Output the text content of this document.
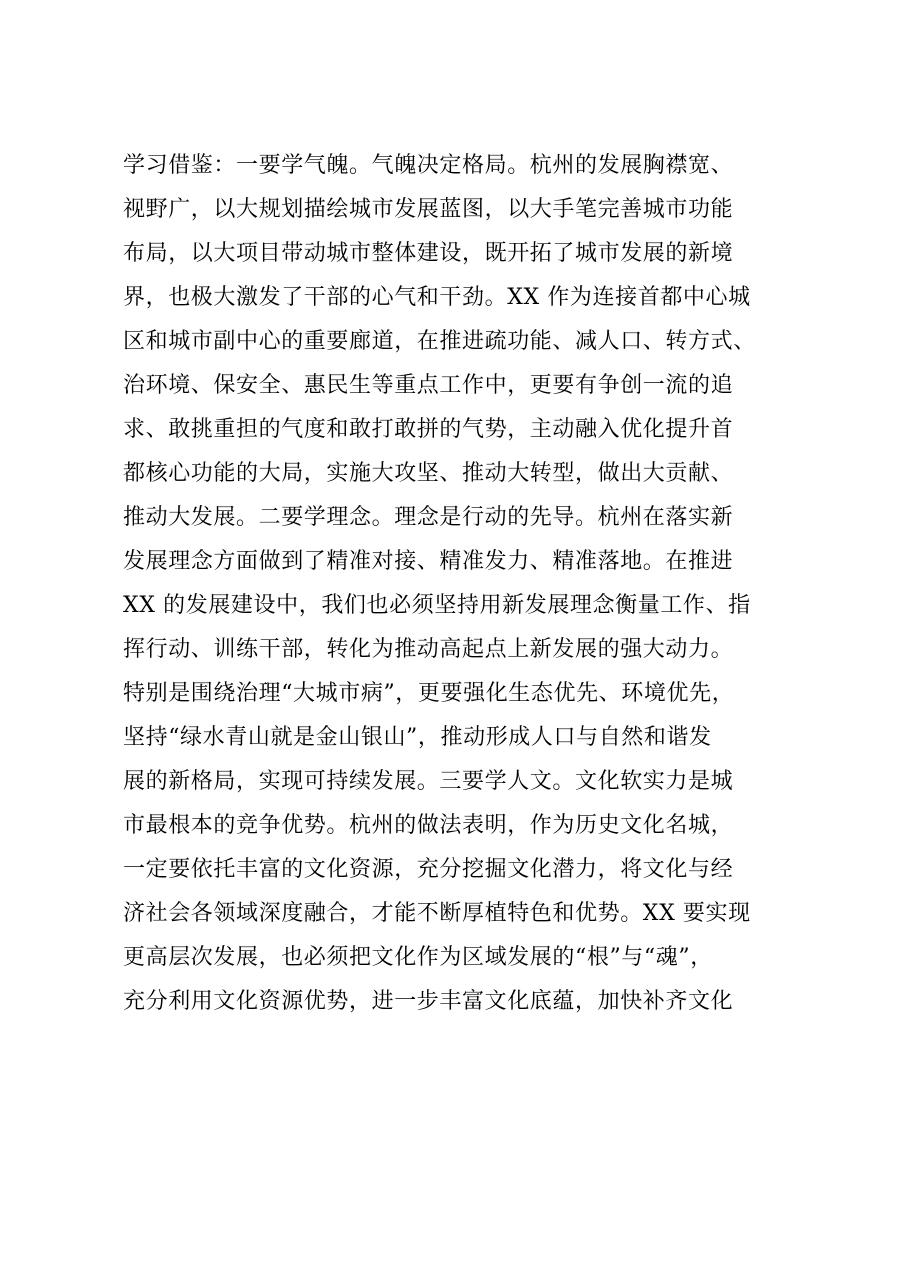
学习借鉴：一要学气魄。气魄决定格局。杭州的发展胸襟宽、
视野广，以大规划描绘城市发展蓝图，以大手笔完善城市功能
布局，以大项目带动城市整体建设，既开拓了城市发展的新境
界，也极大激发了干部的心气和干劲。XX 作为连接首都中心城
区和城市副中心的重要廊道，在推进疏功能、减人口、转方式、
治环境、保安全、惠民生等重点工作中，更要有争创一流的追
求、敢挑重担的气度和敢打敢拼的气势，主动融入优化提升首
都核心功能的大局，实施大攻坚、推动大转型，做出大贡献、
推动大发展。二要学理念。理念是行动的先导。杭州在落实新
发展理念方面做到了精准对接、精准发力、精准落地。在推进
XX 的发展建设中，我们也必须坚持用新发展理念衡量工作、指
挥行动、训练干部，转化为推动高起点上新发展的强大动力。
特别是围绕治理“大城市病”，更要强化生态优先、环境优先，
坚持“绿水青山就是金山银山”，推动形成人口与自然和谐发
展的新格局，实现可持续发展。三要学人文。文化软实力是城
市最根本的竞争优势。杭州的做法表明，作为历史文化名城，
一定要依托丰富的文化资源，充分挖掘文化潜力，将文化与经
济社会各领域深度融合，才能不断厚植特色和优势。XX 要实现
更高层次发展，也必须把文化作为区域发展的“根”与“魂”，
充分利用文化资源优势，进一步丰富文化底蕴，加快补齐文化
